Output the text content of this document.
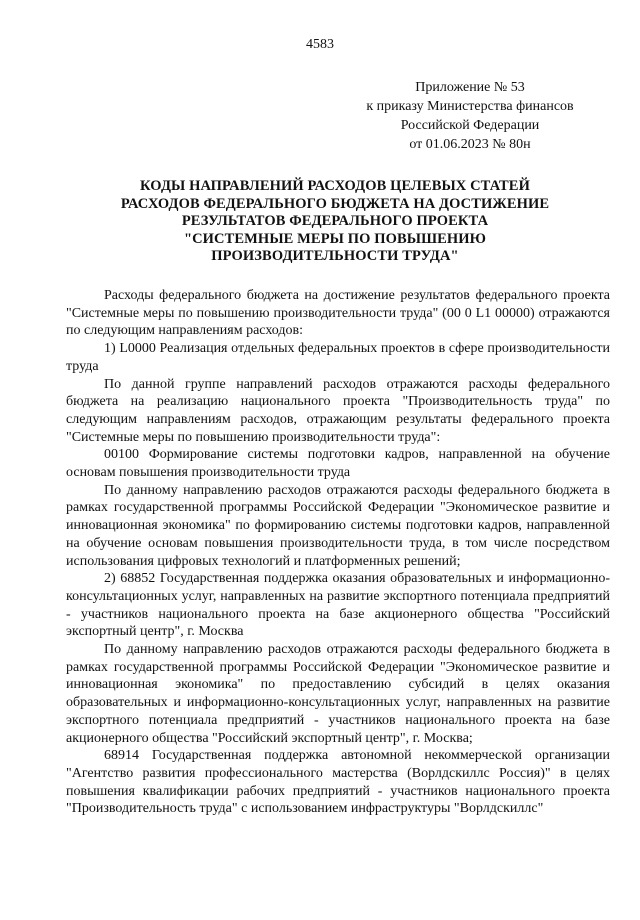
4583
Приложение № 53
к приказу Министерства финансов
Российской Федерации
от 01.06.2023 № 80н
КОДЫ НАПРАВЛЕНИЙ РАСХОДОВ ЦЕЛЕВЫХ СТАТЕЙ
РАСХОДОВ ФЕДЕРАЛЬНОГО БЮДЖЕТА НА ДОСТИЖЕНИЕ
РЕЗУЛЬТАТОВ ФЕДЕРАЛЬНОГО ПРОЕКТА
"СИСТЕМНЫЕ МЕРЫ ПО ПОВЫШЕНИЮ
ПРОИЗВОДИТЕЛЬНОСТИ ТРУДА"

Расходы федерального бюджета на достижение результатов федерального проекта "Системные меры по повышению производительности труда" (00 0 L1 00000) отражаются по следующим направлениям расходов:

1) L0000 Реализация отдельных федеральных проектов в сфере производительности труда

По данной группе направлений расходов отражаются расходы федерального бюджета на реализацию национального проекта "Производительность труда" по следующим направлениям расходов, отражающим результаты федерального проекта "Системные меры по повышению производительности труда":

00100 Формирование системы подготовки кадров, направленной на обучение основам повышения производительности труда

По данному направлению расходов отражаются расходы федерального бюджета в рамках государственной программы Российской Федерации "Экономическое развитие и инновационная экономика" по формированию системы подготовки кадров, направленной на обучение основам повышения производительности труда, в том числе посредством использования цифровых технологий и платформенных решений;

2) 68852 Государственная поддержка оказания образовательных и информационно-консультационных услуг, направленных на развитие экспортного потенциала предприятий - участников национального проекта на базе акционерного общества "Российский экспортный центр", г. Москва

По данному направлению расходов отражаются расходы федерального бюджета в рамках государственной программы Российской Федерации "Экономическое развитие и инновационная экономика" по предоставлению субсидий в целях оказания образовательных и информационно-консультационных услуг, направленных на развитие экспортного потенциала предприятий - участников национального проекта на базе акционерного общества "Российский экспортный центр", г. Москва;

68914 Государственная поддержка автономной некоммерческой организации "Агентство развития профессионального мастерства (Ворлдскиллс Россия)" в целях повышения квалификации рабочих предприятий - участников национального проекта "Производительность труда" с использованием инфраструктуры "Ворлдскиллс"
